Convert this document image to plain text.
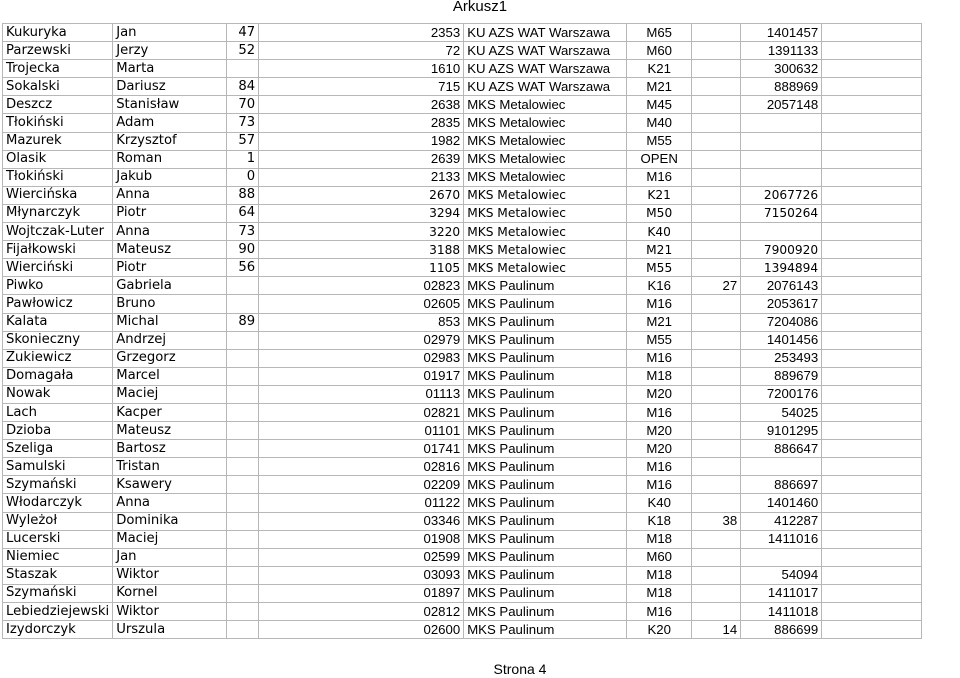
Arkusz1
Kukuryka	Jan	47	2353	KU AZS WAT Warszawa	M65		1401457	
Parzewski	Jerzy	52	72	KU AZS WAT Warszawa	M60		1391133	
Trojecka	Marta		1610	KU AZS WAT Warszawa	K21		300632	
Sokalski	Dariusz	84	715	KU AZS WAT Warszawa	M21		888969	
Deszcz	Stanisław	70	2638	MKS Metalowiec	M45		2057148	
Tłokiński	Adam	73	2835	MKS Metalowiec	M40			
Mazurek	Krzysztof	57	1982	MKS Metalowiec	M55			
Olasik	Roman	1	2639	MKS Metalowiec	OPEN			
Tłokiński	Jakub	0	2133	MKS Metalowiec	M16			
Wiercińska	Anna	88	2670	MKS Metalowiec	K21		2067726	
Młynarczyk	Piotr	64	3294	MKS Metalowiec	M50		7150264	
Wojtczak-Luter	Anna	73	3220	MKS Metalowiec	K40			
Fijałkowski	Mateusz	90	3188	MKS Metalowiec	M21		7900920	
Wierciński	Piotr	56	1105	MKS Metalowiec	M55		1394894	
Piwko	Gabriela		02823	MKS Paulinum	K16	27	2076143	
Pawłowicz	Bruno		02605	MKS Paulinum	M16		2053617	
Kalata	Michal	89	853	MKS Paulinum	M21		7204086	
Skonieczny	Andrzej		02979	MKS Paulinum	M55		1401456	
Żukiewicz	Grzegorz		02983	MKS Paulinum	M16		253493	
Domagała	Marcel		01917	MKS Paulinum	M18		889679	
Nowak	Maciej		01113	MKS Paulinum	M20		7200176	
Lach	Kacper		02821	MKS Paulinum	M16		54025	
Dzioba	Mateusz		01101	MKS Paulinum	M20		9101295	
Szeliga	Bartosz		01741	MKS Paulinum	M20		886647	
Samulski	Tristan		02816	MKS Paulinum	M16			
Szymański	Ksawery		02209	MKS Paulinum	M16		886697	
Włodarczyk	Anna		01122	MKS Paulinum	K40		1401460	
Wyleżoł	Dominika		03346	MKS Paulinum	K18	38	412287	
Lucerski	Maciej		01908	MKS Paulinum	M18		1411016	
Niemiec	Jan		02599	MKS Paulinum	M60			
Staszak	Wiktor		03093	MKS Paulinum	M18		54094	
Szymański	Kornel		01897	MKS Paulinum	M18		1411017	
Lebiedziejewski	Wiktor		02812	MKS Paulinum	M16		1411018	
Izydorczyk	Urszula		02600	MKS Paulinum	K20	14	886699	
Strona 4
